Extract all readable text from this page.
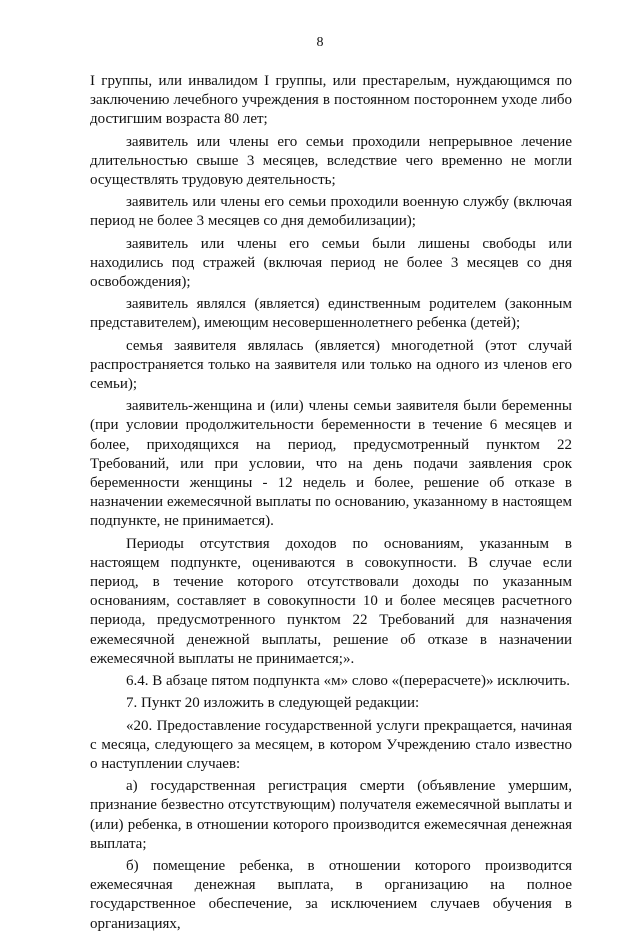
8

I группы, или инвалидом I группы, или престарелым, нуждающимся по заключению лечебного учреждения в постоянном постороннем уходе либо достигшим возраста 80 лет;

заявитель или члены его семьи проходили непрерывное лечение длительностью свыше 3 месяцев, вследствие чего временно не могли осуществлять трудовую деятельность;

заявитель или члены его семьи проходили военную службу (включая период не более 3 месяцев со дня демобилизации);

заявитель или члены его семьи были лишены свободы или находились под стражей (включая период не более 3 месяцев со дня освобождения);

заявитель являлся (является) единственным родителем (законным представителем), имеющим несовершеннолетнего ребенка (детей);

семья заявителя являлась (является) многодетной (этот случай распространяется только на заявителя или только на одного из членов его семьи);

заявитель-женщина и (или) члены семьи заявителя были беременны (при условии продолжительности беременности в течение 6 месяцев и более, приходящихся на период, предусмотренный пунктом 22 Требований, или при условии, что на день подачи заявления срок беременности женщины - 12 недель и более, решение об отказе в назначении ежемесячной выплаты по основанию, указанному в настоящем подпункте, не принимается).

Периоды отсутствия доходов по основаниям, указанным в настоящем подпункте, оцениваются в совокупности. В случае если период, в течение которого отсутствовали доходы по указанным основаниям, составляет в совокупности 10 и более месяцев расчетного периода, предусмотренного пунктом 22 Требований для назначения ежемесячной денежной выплаты, решение об отказе в назначении ежемесячной выплаты не принимается;».

6.4. В абзаце пятом подпункта «м» слово «(перерасчете)» исключить.

7. Пункт 20 изложить в следующей редакции:

«20. Предоставление государственной услуги прекращается, начиная с месяца, следующего за месяцем, в котором Учреждению стало известно о наступлении случаев:

а) государственная регистрация смерти (объявление умершим, признание безвестно отсутствующим) получателя ежемесячной выплаты и (или) ребенка, в отношении которого производится ежемесячная денежная выплата;

б) помещение ребенка, в отношении которого производится ежемесячная денежная выплата, в организацию на полное государственное обеспечение, за исключением случаев обучения в организациях,
